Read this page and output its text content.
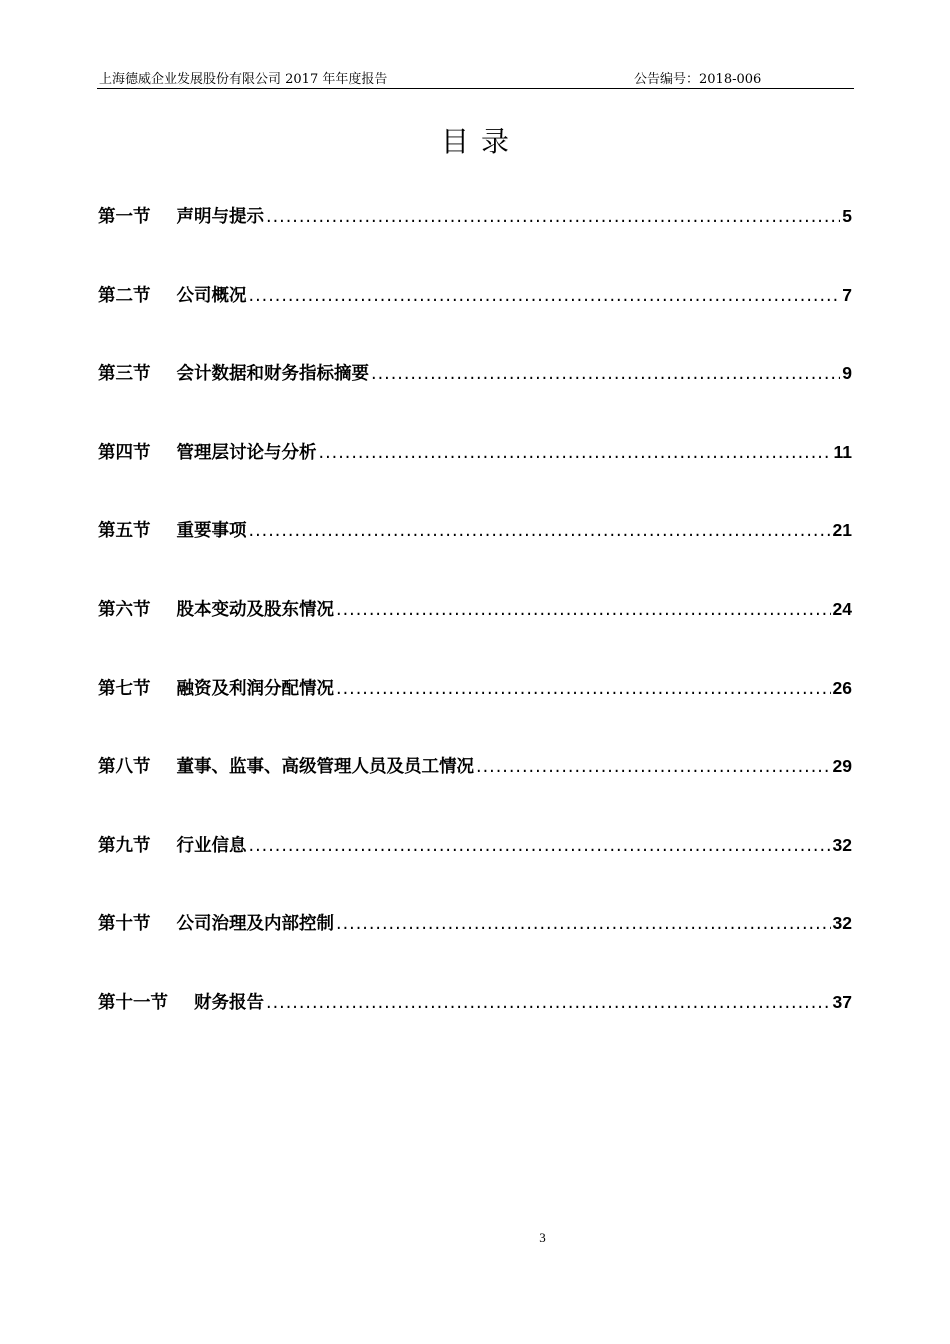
上海德威企业发展股份有限公司 2017 年年度报告	公告编号：2018-006
目录
第一节 声明与提示 .....	5
第二节 公司概况 .....	7
第三节 会计数据和财务指标摘要 .....	9
第四节 管理层讨论与分析 .....	11
第五节 重要事项 .....	21
第六节 股本变动及股东情况 .....	24
第七节 融资及利润分配情况 .....	26
第八节 董事、监事、高级管理人员及员工情况 .....	29
第九节 行业信息 .....	32
第十节 公司治理及内部控制 .....	32
第十一节 财务报告 .....	37
3
